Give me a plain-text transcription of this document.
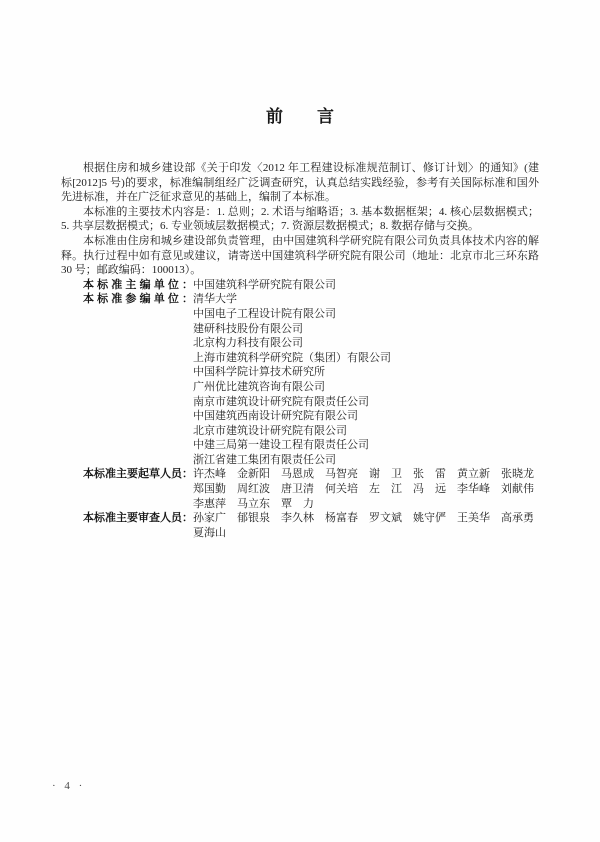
前　　言

根据住房和城乡建设部《关于印发〈2012 年工程建设标准规范制订、修订计划〉的通知》(建标[2012]5 号)的要求，标准编制组经广泛调查研究，认真总结实践经验，参考有关国际标准和国外先进标准，并在广泛征求意见的基础上，编制了本标准。

本标准的主要技术内容是：1. 总则；2. 术语与缩略语；3. 基本数据框架；4. 核心层数据模式；5. 共享层数据模式；6. 专业领域层数据模式；7. 资源层数据模式；8. 数据存储与交换。

本标准由住房和城乡建设部负责管理，由中国建筑科学研究院有限公司负责具体技术内容的解释。执行过程中如有意见或建议，请寄送中国建筑科学研究院有限公司（地址：北京市北三环东路30 号；邮政编码：100013）。

本标准主编单位： 中国建筑科学研究院有限公司
本标准参编单位： 清华大学
中国电子工程设计院有限公司
建研科技股份有限公司
北京构力科技有限公司
上海市建筑科学研究院（集团）有限公司
中国科学院计算技术研究所
广州优比建筑咨询有限公司
南京市建筑设计研究院有限责任公司
中国建筑西南设计研究院有限公司
北京市建筑设计研究院有限公司
中建三局第一建设工程有限责任公司
浙江省建工集团有限责任公司
本标准主要起草人员： 许杰峰 金新阳 马恩成 马智亮 谢　卫 张　雷 黄立新 张晓龙
郑国勤 周红波 唐卫清 何关培 左　江 冯　远 李华峰 刘献伟
李惠萍 马立东 覃　力
本标准主要审查人员： 孙家广 郁银泉 李久林 杨富春 罗文斌 姚守俨 王美华 高承勇
夏海山
· 4 ·
